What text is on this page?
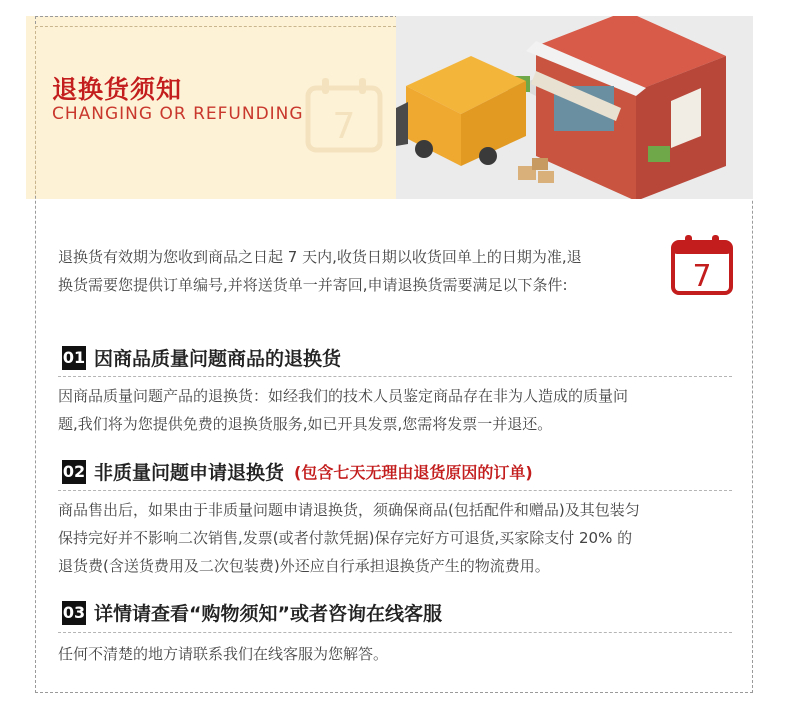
7
退换货须知
CHANGING OR REFUNDING
退换货有效期为您收到商品之日起 7 天内,收货日期以收货回单上的日期为准,退
换货需要您提供订单编号,并将送货单一并寄回,申请退换货需要满足以下条件:	7
01 因商品质量问题商品的退换货
因商品质量问题产品的退换货：如经我们的技术人员鉴定商品存在非为人造成的质量问
题,我们将为您提供免费的退换货服务,如已开具发票,您需将发票一并退还。
02 非质量问题申请退换货 (包含七天无理由退货原因的订单)
商品售出后，如果由于非质量问题申请退换货，须确保商品(包括配件和赠品)及其包装匀
保持完好并不影响二次销售,发票(或者付款凭据)保存完好方可退货,买家除支付 20% 的
退货费(含送货费用及二次包装费)外还应自行承担退换货产生的物流费用。
03 详情请查看“购物须知”或者咨询在线客服
任何不清楚的地方请联系我们在线客服为您解答。
